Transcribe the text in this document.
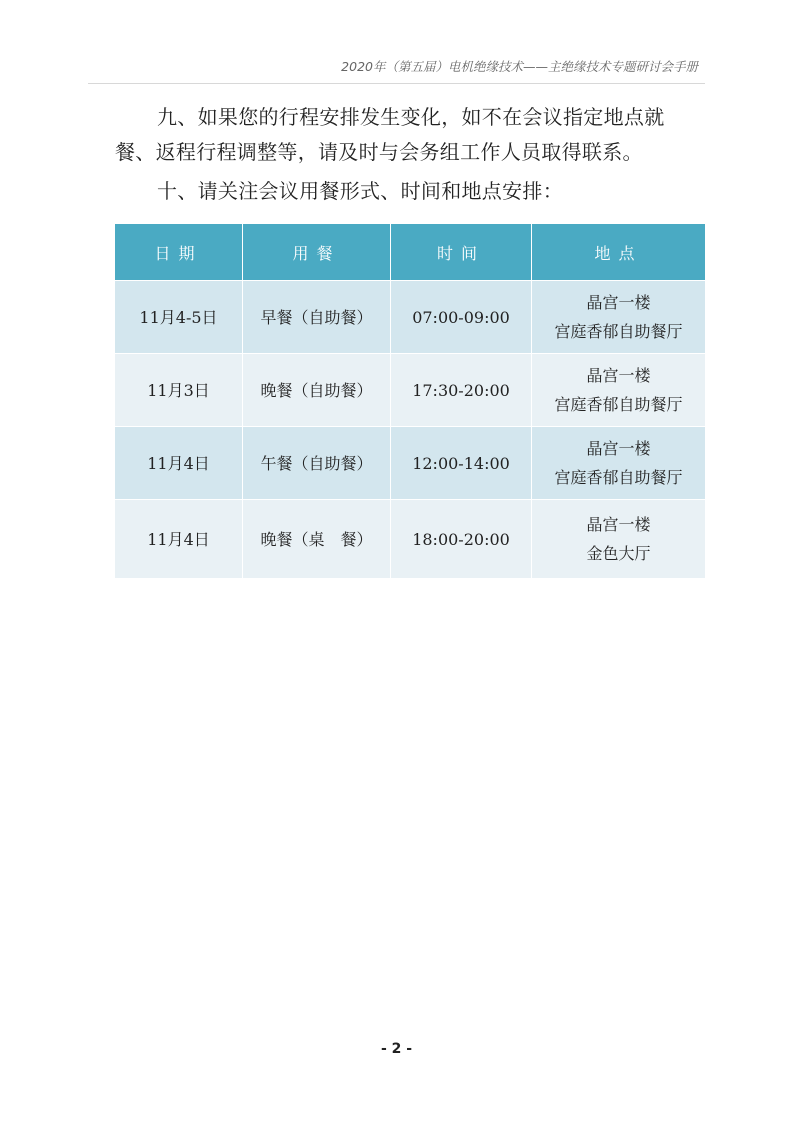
2020年（第五届）电机绝缘技术——主绝缘技术专题研讨会手册

九、如果您的行程安排发生变化，如不在会议指定地点就餐、返程行程调整等，请及时与会务组工作人员取得联系。

十、请关注会议用餐形式、时间和地点安排：

日期	用餐	时间	地点
11月4-5日	早餐（自助餐）	07:00-09:00	晶宫一楼
宫庭香郁自助餐厅

11月3日	晚餐（自助餐）	17:30-20:00	晶宫一楼
宫庭香郁自助餐厅

11月4日	午餐（自助餐）	12:00-14:00	晶宫一楼
宫庭香郁自助餐厅

11月4日	晚餐（桌　餐）	18:00-20:00	晶宫一楼
金色大厅
- 2 -
